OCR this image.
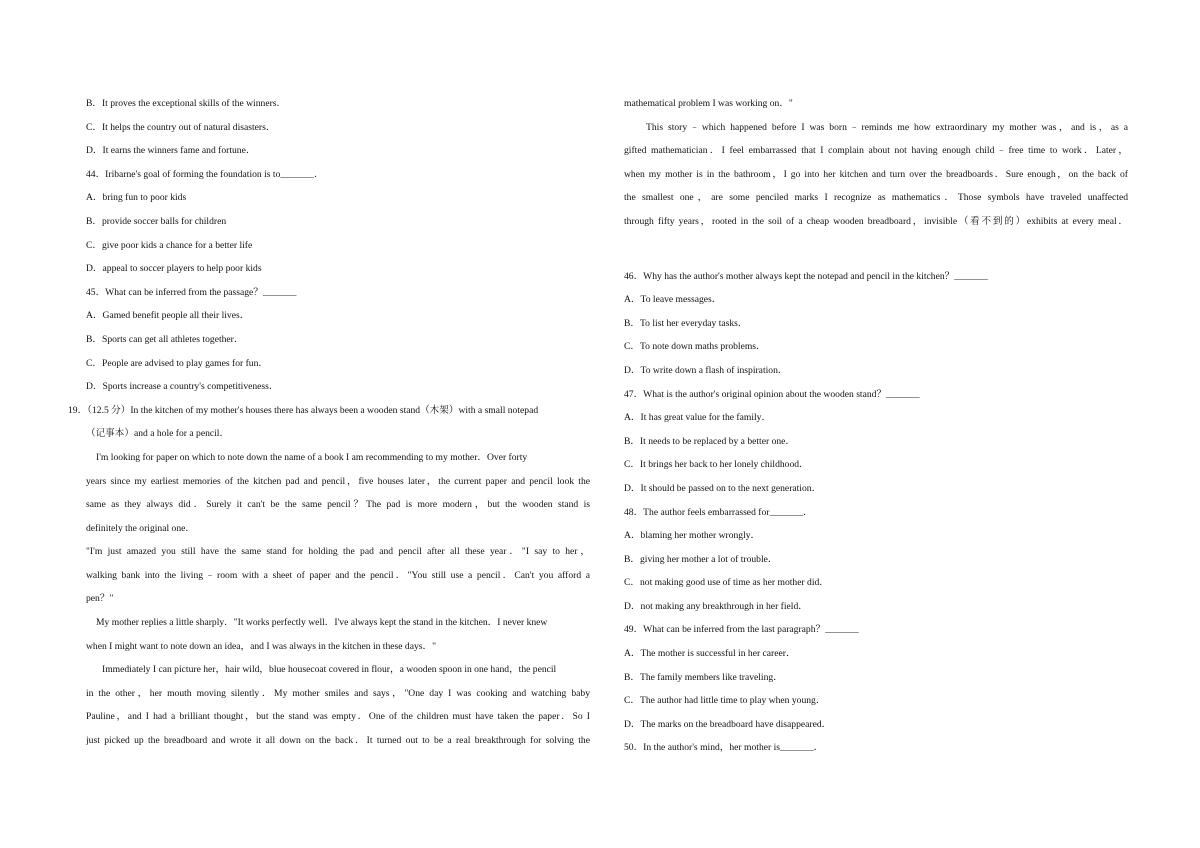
B．It proves the exceptional skills of the winners．
C．It helps the country out of natural disasters．
D．It earns the winners fame and fortune．
44．Iribarne's goal of forming the foundation is to_______．
A．bring fun to poor kids
B．provide soccer balls for children
C．give poor kids a chance for a better life
D．appeal to soccer players to help poor kids
45．What can be inferred from the passage？_______
A．Gamed benefit people all their lives．
B．Sports can get all athletes together．
C．People are advised to play games for fun．
D．Sports increase a country's competitiveness．
19．（12.5 分）In the kitchen of my mother's houses there has always been a wooden stand（木架）with a small notepad
（记事本）and a hole for a pencil．
I'm looking for paper on which to note down the name of a book I am recommending to my mother．Over forty
years since my earliest memories of the kitchen pad and pencil，five houses later，the current paper and pencil look the
same as they always did．Surely it can't be the same pencil？The pad is more modern，but the wooden stand is
definitely the original one．
"I'm just amazed you still have the same stand for holding the pad and pencil after all these year．"I say to her，
walking bank into the living﹣room with a sheet of paper and the pencil．"You still use a pencil．Can't you afford a
pen？"
My mother replies a little sharply．"It works perfectly well．I've always kept the stand in the kitchen．I never knew
when I might want to note down an idea，and I was always in the kitchen in these days．"
Immediately I can picture her，hair wild，blue housecoat covered in flour，a wooden spoon in one hand，the pencil
in the other，her mouth moving silently．My mother smiles and says，"One day I was cooking and watching baby
Pauline，and I had a brilliant thought，but the stand was empty．One of the children must have taken the paper．So I
just picked up the breadboard and wrote it all down on the back．It turned out to be a real breakthrough for solving the
mathematical problem I was working on．"
This story﹣which happened before I was born﹣reminds me how extraordinary my mother was，and is，as a
gifted mathematician．I feel embarrassed that I complain about not having enough child﹣free time to work．Later，
when my mother is in the bathroom，I go into her kitchen and turn over the breadboards．Sure enough，on the back of
the smallest one，are some penciled marks I recognize as mathematics．Those symbols have traveled unaffected
through fifty years，rooted in the soil of a cheap wooden breadboard，invisible（看不到的）exhibits at every meal．
46．Why has the author's mother always kept the notepad and pencil in the kitchen？_______
A．To leave messages．
B．To list her everyday tasks．
C．To note down maths problems．
D．To write down a flash of inspiration．
47．What is the author's original opinion about the wooden stand？_______
A．It has great value for the family．
B．It needs to be replaced by a better one．
C．It brings her back to her lonely childhood．
D．It should be passed on to the next generation．
48．The author feels embarrassed for_______．
A．blaming her mother wrongly．
B．giving her mother a lot of trouble．
C．not making good use of time as her mother did．
D．not making any breakthrough in her field．
49．What can be inferred from the last paragraph？_______
A．The mother is successful in her career．
B．The family members like traveling．
C．The author had little time to play when young．
D．The marks on the breadboard have disappeared．
50．In the author's mind，her mother is_______．
